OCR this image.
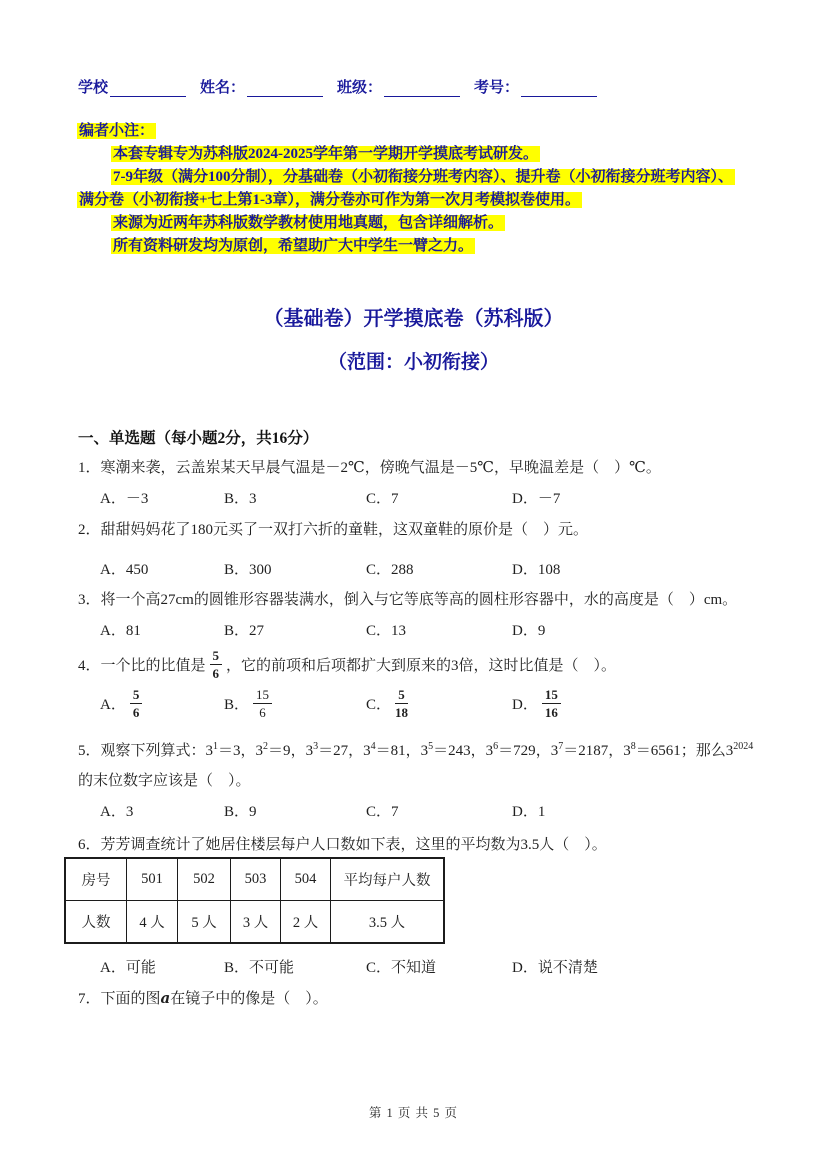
学校	姓名：	班级：	考号：
编者小注：
本套专辑专为苏科版2024-2025学年第一学期开学摸底考试研发。
7-9年级（满分100分制），分基础卷（小初衔接分班考内容）、提升卷（小初衔接分班考内容）、
满分卷（小初衔接+七上第1-3章），满分卷亦可作为第一次月考模拟卷使用。
来源为近两年苏科版数学教材使用地真题，包含详细解析。
所有资料研发均为原创，希望助广大中学生一臂之力。
（基础卷）开学摸底卷（苏科版）
（范围：小初衔接）
一、单选题（每小题2分，共16分）
1．寒潮来袭，云盖岽某天早晨气温是－2℃，傍晚气温是－5℃，早晚温差是（　）℃。
A．－3	B．3	C．7	D．－7
2．甜甜妈妈花了180元买了一双打六折的童鞋，这双童鞋的原价是（　）元。
A．450	B．300	C．288	D．108
3．将一个高27cm的圆锥形容器装满水，倒入与它等底等高的圆柱形容器中，水的高度是（　）cm。
A．81	B．27	C．13	D．9
4．一个比的比值是 $\frac{5}{6}$ ，它的前项和后项都扩大到原来的3倍，这时比值是（　）。
A． $\frac{5}{6}$	B． $\frac{15}{6}$	C． $\frac{5}{18}$	D． $\frac{15}{16}$
5．观察下列算式：$3^1=3$，$3^2=9$，$3^3=27$，$3^4=81$，$3^5=243$，$3^6=729$，$3^7=2187$，$3^8=6561$；那么$3^{2024}$
的末位数字应该是（　）。
A．3	B．9	C．7	D．1
6．芳芳调查统计了她居住楼层每户人口数如下表，这里的平均数为3.5人（　）。
房号	501	502	503	504	平均每户人数
人数	4 人	5 人	3 人	2 人	3.5 人
A．可能	B．不可能	C．不知道	D．说不清楚
7．下面的图a在镜子中的像是（　）。
第 1 页 共 5 页
